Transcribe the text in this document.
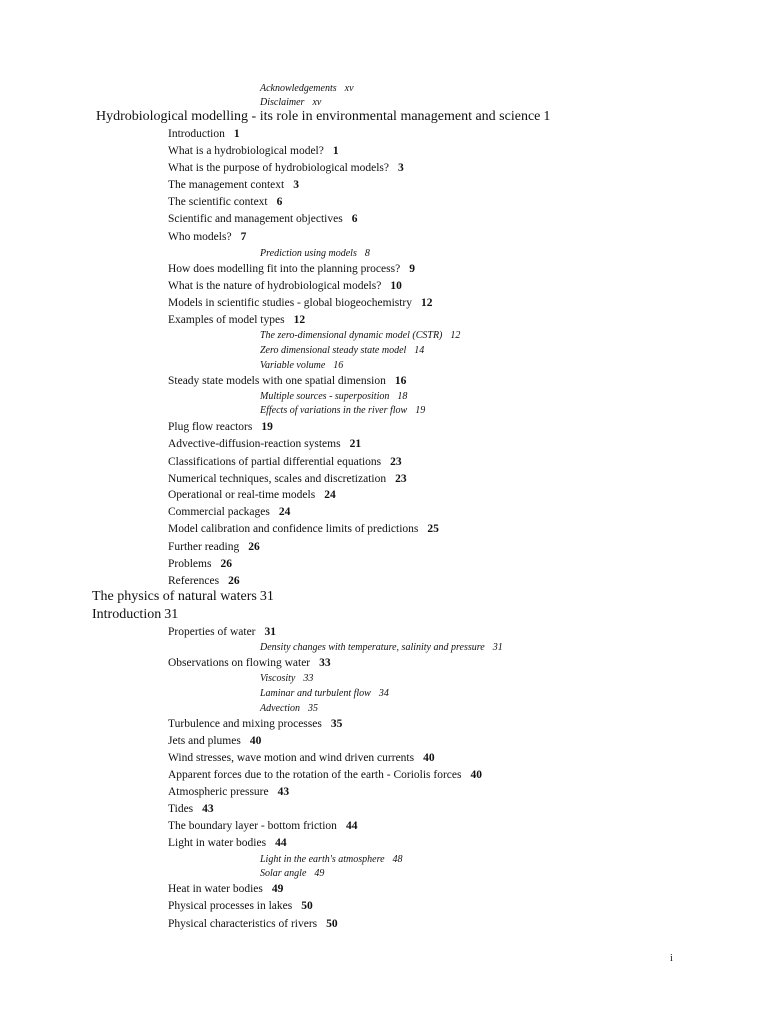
Acknowledgements xv
Disclaimer xv
Hydrobiological modelling - its role in environmental management and science 1
Introduction 1
What is a hydrobiological model? 1
What is the purpose of hydrobiological models? 3
The management context 3
The scientific context 6
Scientific and management objectives 6
Who models? 7
Prediction using models 8
How does modelling fit into the planning process? 9
What is the nature of hydrobiological models? 10
Models in scientific studies - global biogeochemistry 12
Examples of model types 12
The zero-dimensional dynamic model (CSTR) 12
Zero dimensional steady state model 14
Variable volume 16
Steady state models with one spatial dimension 16
Multiple sources - superposition 18
Effects of variations in the river flow 19
Plug flow reactors 19
Advective-diffusion-reaction systems 21
Classifications of partial differential equations 23
Numerical techniques, scales and discretization 23
Operational or real-time models 24
Commercial packages 24
Model calibration and confidence limits of predictions 25
Further reading 26
Problems 26
References 26
The physics of natural waters 31
Introduction 31
Properties of water 31
Density changes with temperature, salinity and pressure 31
Observations on flowing water 33
Viscosity 33
Laminar and turbulent flow 34
Advection 35
Turbulence and mixing processes 35
Jets and plumes 40
Wind stresses, wave motion and wind driven currents 40
Apparent forces due to the rotation of the earth - Coriolis forces 40
Atmospheric pressure 43
Tides 43
The boundary layer - bottom friction 44
Light in water bodies 44
Light in the earth's atmosphere 48
Solar angle 49
Heat in water bodies 49
Physical processes in lakes 50
Physical characteristics of rivers 50
i
